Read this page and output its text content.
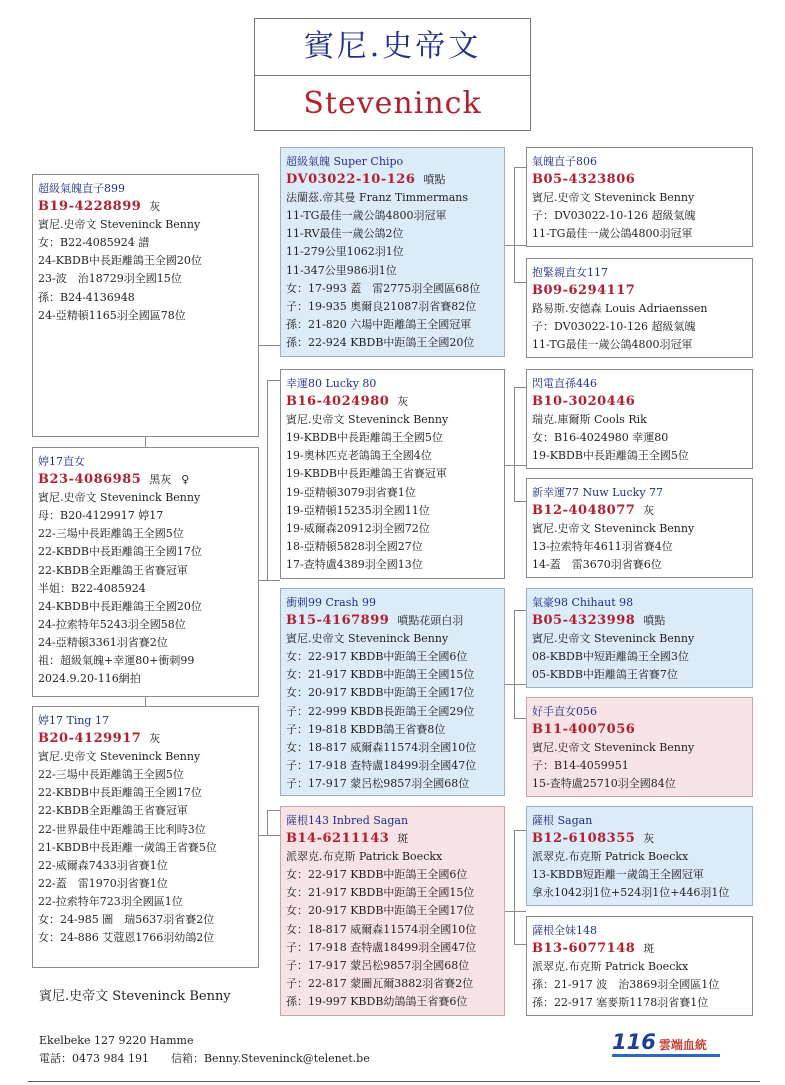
賓尼.史帝文
Steveninck
超級氣魄直子899
B19-4228899 灰
賓尼.史帝文 Steveninck Benny
女：B22-4085924 譜
24-KBDB中長距離鴿王全國20位
23-波　治18729羽全國15位
孫：B24-4136948
24-亞精頓1165羽全國區78位
婷17直女
B23-4086985 黑灰 ♀
賓尼.史帝文 Steveninck Benny
母：B20-4129917 婷17
22-三場中長距離鴿王全國5位
22-KBDB中長距離鴿王全國17位
22-KBDB全距離鴿王省賽冠軍
半姐：B22-4085924
24-KBDB中長距離鴿王全國20位
24-拉索特年5243羽全國58位
24-亞精頓3361羽省賽2位
祖：超級氣魄+幸運80+衝刺99
2024.9.20-116網拍
婷17 Ting 17
B20-4129917 灰
賓尼.史帝文 Steveninck Benny
22-三場中長距離鴿王全國5位
22-KBDB中長距離鴿王全國17位
22-KBDB全距離鴿王省賽冠軍
22-世界最佳中距離鴿王比利時3位
21-KBDB中長距離一歲鴿王省賽5位
22-威爾森7433羽省賽1位
22-蓋　雷1970羽省賽1位
22-拉索特年723羽全國區1位
女：24-985 圖　瑞5637羽省賽2位
女：24-886 艾蔻恩1766羽幼鴿2位
超級氣魄 Super Chipo
DV03022-10-126 噴點
法蘭茲.帝其曼 Franz Timmermans
11-TG最佳一歲公鴿4800羽冠軍
11-RV最佳一歲公鴿2位
11-279公里1062羽1位
11-347公里986羽1位
女：17-993 蓋　雷2775羽全國區68位
子：19-935 奧爾良21087羽省賽82位
孫：21-820 六場中距離鴿王全國冠軍
孫：22-924 KBDB中距鴿王全國20位
幸運80 Lucky 80
B16-4024980 灰
賓尼.史帝文 Steveninck Benny
19-KBDB中長距離鴿王全國5位
19-奧林匹克老鴿鴿王全國4位
19-KBDB中長距離鴿王省賽冠軍
19-亞精頓3079羽省賽1位
19-亞精頓15235羽全國11位
19-威爾森20912羽全國72位
18-亞精頓5828羽全國27位
17-查特盧4389羽全國13位
衝刺99 Crash 99
B15-4167899 噴點花頭白羽
賓尼.史帝文 Steveninck Benny
女：22-917 KBDB中距鴿王全國6位
女：21-917 KBDB中距鴿王全國15位
女：20-917 KBDB中距鴿王全國17位
子：22-999 KBDB長距鴿王全國29位
子：19-818 KBDB鴿王省賽8位
女：18-817 威爾森11574羽全國10位
子：17-918 查特盧18499羽全國47位
子：17-917 蒙呂松9857羽全國68位
薩根143 Inbred Sagan
B14-6211143 斑
派翠克.布克斯 Patrick Boeckx
女：22-917 KBDB中距鴿王全國6位
女：21-917 KBDB中距鴿王全國15位
女：20-917 KBDB中距鴿王全國17位
女：18-817 威爾森11574羽全國10位
子：17-918 查特盧18499羽全國47位
子：17-917 蒙呂松9857羽全國68位
子：22-817 蒙圖瓦爾3882羽省賽2位
孫：19-997 KBDB幼鴿鴿王省賽6位
氣魄直子806
B05-4323806
賓尼.史帝文 Steveninck Benny
子：DV03022-10-126 超級氣魄
11-TG最佳一歲公鴿4800羽冠軍
抱緊親直女117
B09-6294117
路易斯.安德森 Louis Adriaenssen
子：DV03022-10-126 超級氣魄
11-TG最佳一歲公鴿4800羽冠軍
閃電直孫446
B10-3020446
瑞克.庫爾斯 Cools Rik
女：B16-4024980 幸運80
19-KBDB中長距離鴿王全國5位
新幸運77 Nuw Lucky 77
B12-4048077 灰
賓尼.史帝文 Steveninck Benny
13-拉索特年4611羽省賽4位
14-蓋　雷3670羽省賽6位
氣豪98 Chihaut 98
B05-4323998 噴點
賓尼.史帝文 Steveninck Benny
08-KBDB中短距離鴿王全國3位
05-KBDB中距離鴿王省賽7位
好手直女056
B11-4007056
賓尼.史帝文 Steveninck Benny
子：B14-4059951
15-查特盧25710羽全國84位
薩根 Sagan
B12-6108355 灰
派翠克.布克斯 Patrick Boeckx
13-KBDB短距離一歲鴿王全國冠軍
拿永1042羽1位+524羽1位+446羽1位
薩根全妹148
B13-6077148 斑
派翠克.布克斯 Patrick Boeckx
孫：21-917 波　治3869羽全國區1位
孫：22-917 塞麥斯1178羽省賽1位
賓尼.史帝文 Steveninck Benny
Ekelbeke 127 9220 Hamme
電話：0473 984 191　　信箱：Benny.Steveninck@telenet.be
116 雲端血統
